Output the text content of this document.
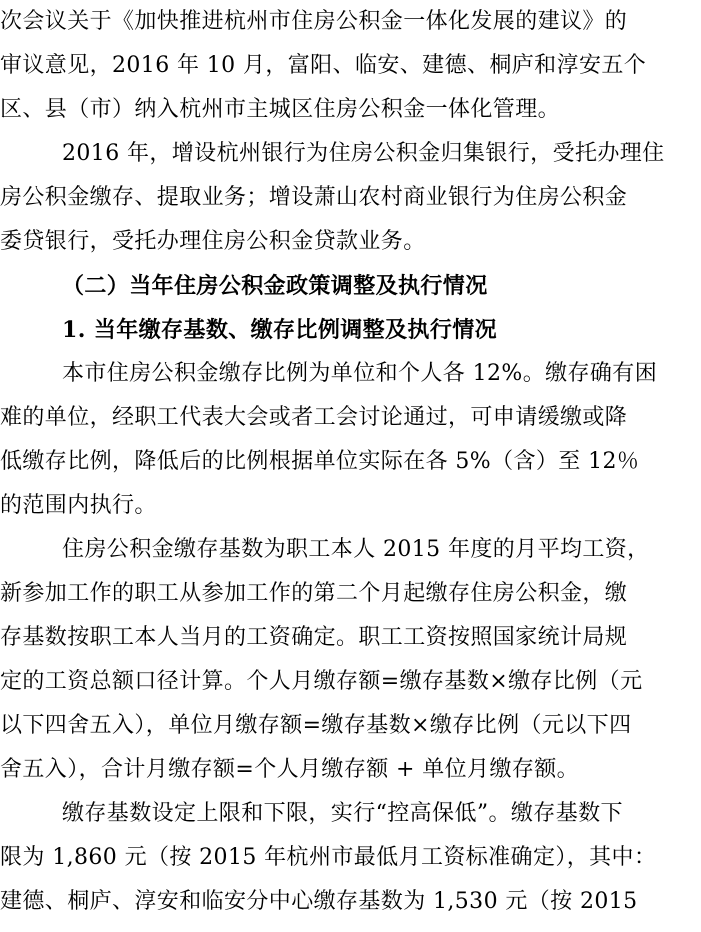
次会议关于《加快推进杭州市住房公积金一体化发展的建议》的
审议意见，2016 年 10 月，富阳、临安、建德、桐庐和淳安五个
区、县（市）纳入杭州市主城区住房公积金一体化管理。
2016 年，增设杭州银行为住房公积金归集银行，受托办理住
房公积金缴存、提取业务；增设萧山农村商业银行为住房公积金
委贷银行，受托办理住房公积金贷款业务。
（二）当年住房公积金政策调整及执行情况
1. 当年缴存基数、缴存比例调整及执行情况
本市住房公积金缴存比例为单位和个人各 12%。缴存确有困
难的单位，经职工代表大会或者工会讨论通过，可申请缓缴或降
低缴存比例，降低后的比例根据单位实际在各 5%（含）至 12％
的范围内执行。
住房公积金缴存基数为职工本人 2015 年度的月平均工资，
新参加工作的职工从参加工作的第二个月起缴存住房公积金，缴
存基数按职工本人当月的工资确定。职工工资按照国家统计局规
定的工资总额口径计算。个人月缴存额=缴存基数×缴存比例（元
以下四舍五入），单位月缴存额=缴存基数×缴存比例（元以下四
舍五入），合计月缴存额=个人月缴存额 + 单位月缴存额。
缴存基数设定上限和下限，实行“控高保低”。缴存基数下
限为 1,860 元（按 2015 年杭州市最低月工资标准确定），其中：
建德、桐庐、淳安和临安分中心缴存基数为 1,530 元（按 2015
